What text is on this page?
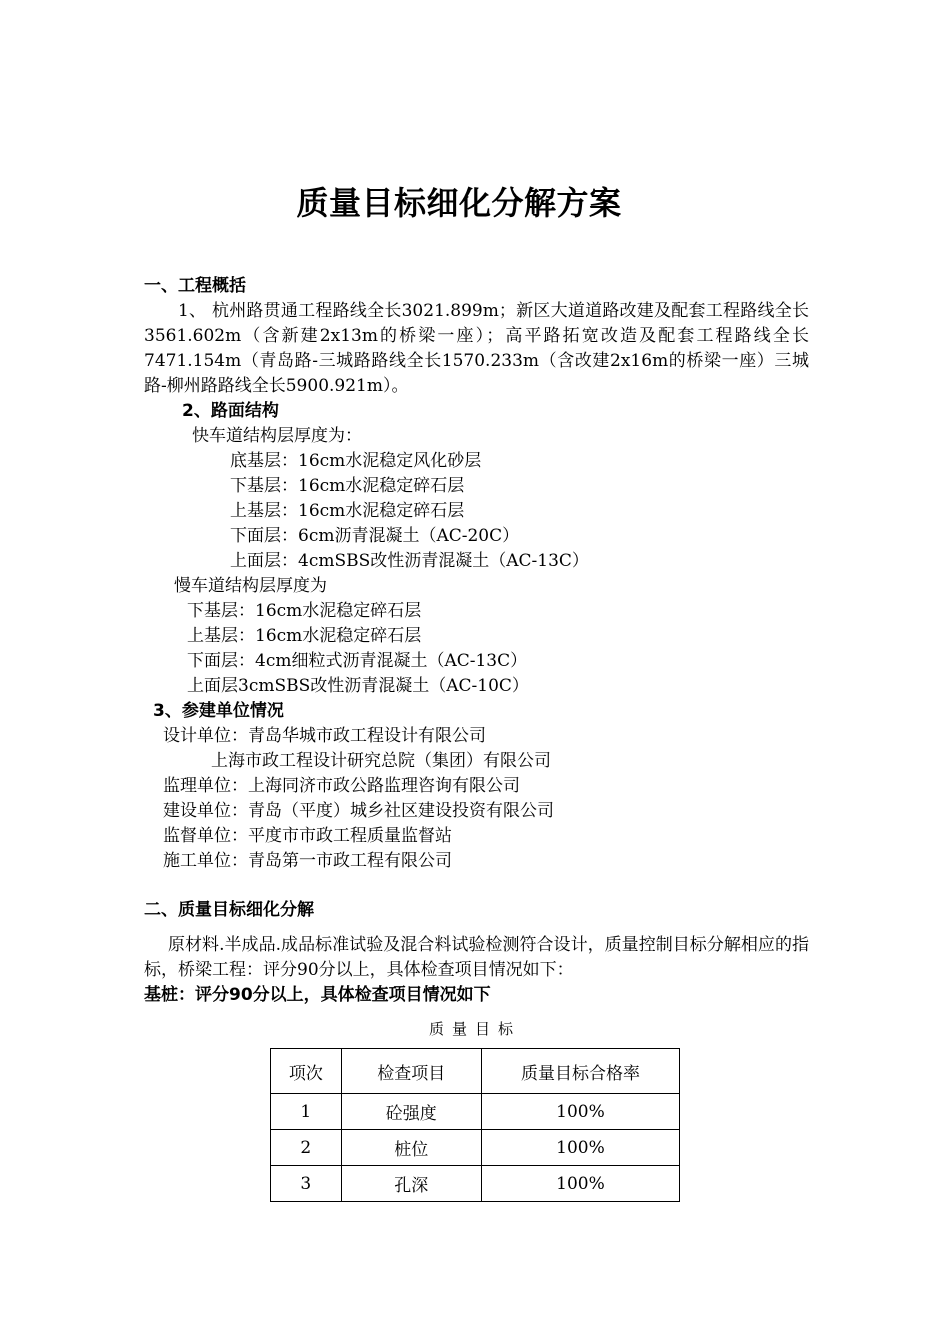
质量目标细化分解方案
一、工程概括
1、 杭州路贯通工程路线全长3021.899m；新区大道道路改建及配套工程路线全长3561.602m（含新建2x13m的桥梁一座）；高平路拓宽改造及配套工程路线全长7471.154m（青岛路-三城路路线全长1570.233m（含改建2x16m的桥梁一座）三城路-柳州路路线全长5900.921m）。
2、路面结构
快车道结构层厚度为：
底基层：16cm水泥稳定风化砂层
下基层：16cm水泥稳定碎石层
上基层：16cm水泥稳定碎石层
下面层：6cm沥青混凝土（AC-20C）
上面层：4cmSBS改性沥青混凝土（AC-13C）
慢车道结构层厚度为
下基层：16cm水泥稳定碎石层
上基层：16cm水泥稳定碎石层
下面层：4cm细粒式沥青混凝土（AC-13C）
上面层3cmSBS改性沥青混凝土（AC-10C）
3、参建单位情况
设计单位：青岛华城市政工程设计有限公司
上海市政工程设计研究总院（集团）有限公司
监理单位：上海同济市政公路监理咨询有限公司
建设单位：青岛（平度）城乡社区建设投资有限公司
监督单位：平度市市政工程质量监督站
施工单位：青岛第一市政工程有限公司
二、质量目标细化分解
原材料.半成品.成品标准试验及混合料试验检测符合设计，质量控制目标分解相应的指标，桥梁工程：评分90分以上，具体检查项目情况如下：
基桩：评分90分以上，具体检查项目情况如下
质量目标
项次	检查项目	质量目标合格率
1	砼强度	100%
2	桩位	100%
3	孔深	100%
